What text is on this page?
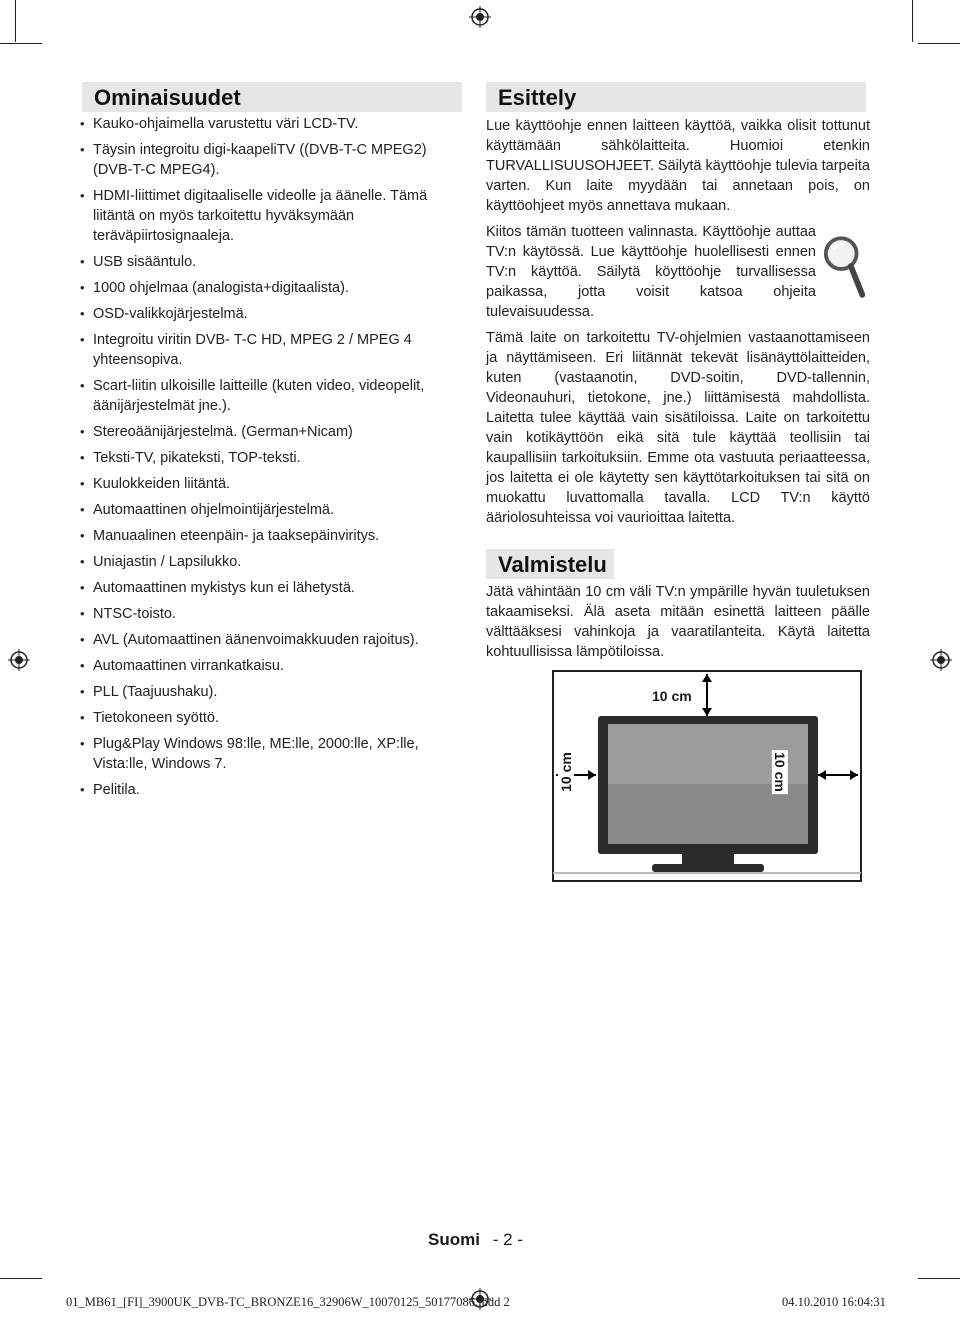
Ominaisuudet
• Kauko-ohjaimella varustettu väri LCD-TV.
• Täysin integroitu digi-kaapeliTV ((DVB-T-C MPEG2) (DVB-T-C MPEG4).
• HDMI-liittimet digitaaliselle videolle ja äänelle. Tämä liitäntä on myös tarkoitettu hyväksymään teräväpiirtosignaaleja.
• USB sisääntulo.
• 1000 ohjelmaa (analogista+digitaalista).
• OSD-valikkojärjestelmä.
• Integroitu viritin DVB- T-C HD, MPEG 2 / MPEG 4 yhteensopiva.
• Scart-liitin ulkoisille laitteille (kuten video, videopelit, äänijärjestelmät jne.).
• Stereoäänijärjestelmä. (German+Nicam)
• Teksti-TV, pikateksti, TOP-teksti.
• Kuulokkeiden liitäntä.
• Automaattinen ohjelmointijärjestelmä.
• Manuaalinen eteenpäin- ja taaksepäinviritys.
• Uniajastin / Lapsilukko.
• Automaattinen mykistys kun ei lähetystä.
• NTSC-toisto.
• AVL (Automaattinen äänenvoimakkuuden rajoitus).
• Automaattinen virrankatkaisu.
• PLL (Taajuushaku).
• Tietokoneen syöttö.
• Plug&Play Windows 98:lle, ME:lle, 2000:lle, XP:lle, Vista:lle, Windows 7.
• Pelitila.
Esittely

Lue käyttöohje ennen laitteen käyttöä, vaikka olisit tottunut käyttämään sähkölaitteita. Huomioi etenkin TURVALLISUUSOHJEET. Säilytä käyttöohje tulevia tarpeita varten. Kun laite myydään tai annetaan pois, on käyttöohjeet myös annettava mukaan.

Kiitos tämän tuotteen valinnasta. Käyttöohje auttaa TV:n käytössä. Lue käyttöohje huolellisesti ennen TV:n käyttöä. Säilytä köyttöohje turvallisessa paikassa, jotta voisit katsoa ohjeita tulevaisuudessa.

Tämä laite on tarkoitettu TV-ohjelmien vastaanottamiseen ja näyttämiseen. Eri liitännät tekevät lisänäyttölaitteiden, kuten (vastaanotin, DVD-soitin, DVD-tallennin, Videonauhuri, tietokone, jne.) liittämisestä mahdollista. Laitetta tulee käyttää vain sisätiloissa. Laite on tarkoitettu vain kotikäyttöön eikä sitä tule käyttää teollisiin tai kaupallisiin tarkoituksiin. Emme ota vastuuta periaatteessa, jos laitetta ei ole käytetty sen käyttötarkoituksen tai sitä on muokattu luvattomalla tavalla. LCD TV:n käyttö ääriolosuhteissa voi vaurioittaa laitetta.

Valmistelu

Jätä vähintään 10 cm väli TV:n ympärille hyvän tuuletuksen takaamiseksi. Älä aseta mitään esinettä laitteen päälle välttääksesi vahinkoja ja vaaratilanteita. Käytä laitetta kohtuullisissa lämpötiloissa.

10 cm
10 cm	10 cm
Suomi - 2 -
01_MB61_[FI]_3900UK_DVB-TC_BRONZE16_32906W_10070125_50177086.indd 2	04.10.2010 16:04:31
